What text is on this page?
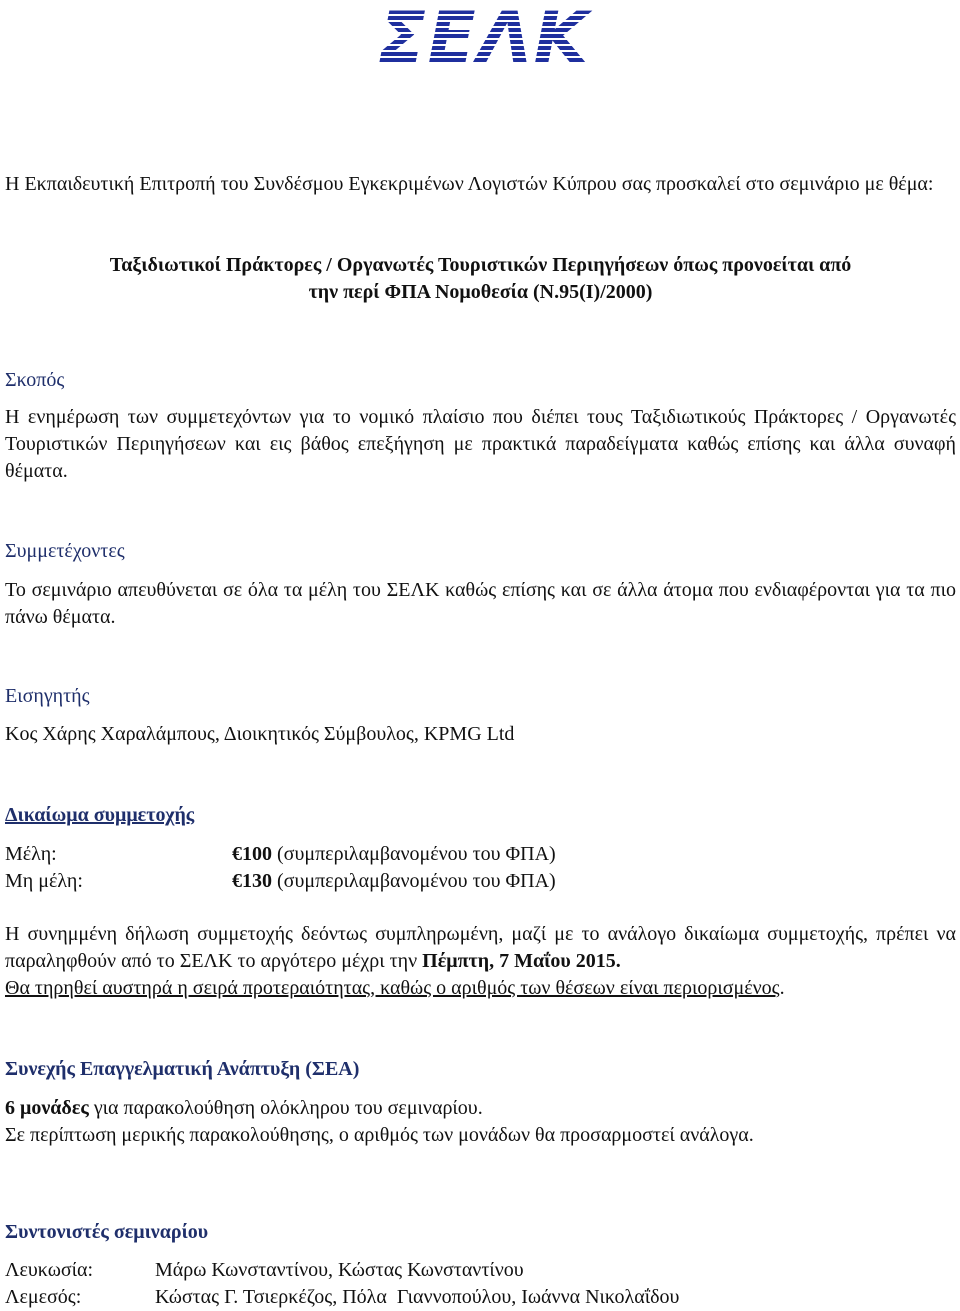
ΣΕΛΚ

Η Εκπαιδευτική Επιτροπή του Συνδέσμου Εγκεκριμένων Λογιστών Κύπρου σας προσκαλεί στο σεμινάριο με θέμα:

Ταξιδιωτικοί Πράκτορες / Οργανωτές Τουριστικών Περιηγήσεων όπως προνοείται από
την περί ΦΠΑ Νομοθεσία (Ν.95(Ι)/2000)

Σκοπός

Η ενημέρωση των συμμετεχόντων για το νομικό πλαίσιο που διέπει τους Ταξιδιωτικούς Πράκτορες / Οργανωτές Τουριστικών Περιηγήσεων και εις βάθος επεξήγηση με πρακτικά παραδείγματα καθώς επίσης και άλλα συναφή θέματα.

Συμμετέχοντες

Το σεμινάριο απευθύνεται σε όλα τα μέλη του ΣΕΛΚ καθώς επίσης και σε άλλα άτομα που ενδιαφέρονται για τα πιο πάνω θέματα.

Εισηγητής

Κος Χάρης Χαραλάμπους, Διοικητικός Σύμβουλος, KPMG Ltd

Δικαίωμα συμμετοχής

Μέλη:	€100 (συμπεριλαμβανομένου του ΦΠΑ)
Μη μέλη:	€130 (συμπεριλαμβανομένου του ΦΠΑ)

Η συνημμένη δήλωση συμμετοχής δεόντως συμπληρωμένη, μαζί με το ανάλογο δικαίωμα συμμετοχής, πρέπει να παραληφθούν από το ΣΕΛΚ το αργότερο μέχρι την Πέμπτη, 7 Μαΐου 2015.

Θα τηρηθεί αυστηρά η σειρά προτεραιότητας, καθώς ο αριθμός των θέσεων είναι περιορισμένος.

Συνεχής Επαγγελματική Ανάπτυξη (ΣΕΑ)

6 μονάδες για παρακολούθηση ολόκληρου του σεμιναρίου.

Σε περίπτωση μερικής παρακολούθησης, ο αριθμός των μονάδων θα προσαρμοστεί ανάλογα.

Συντονιστές σεμιναρίου

Λευκωσία:	Μάρω Κωνσταντίνου, Κώστας Κωνσταντίνου
Λεμεσός:	Κώστας Γ. Τσιερκέζος, Πόλα  Γιαννοπούλου, Ιωάννα Νικολαΐδου
